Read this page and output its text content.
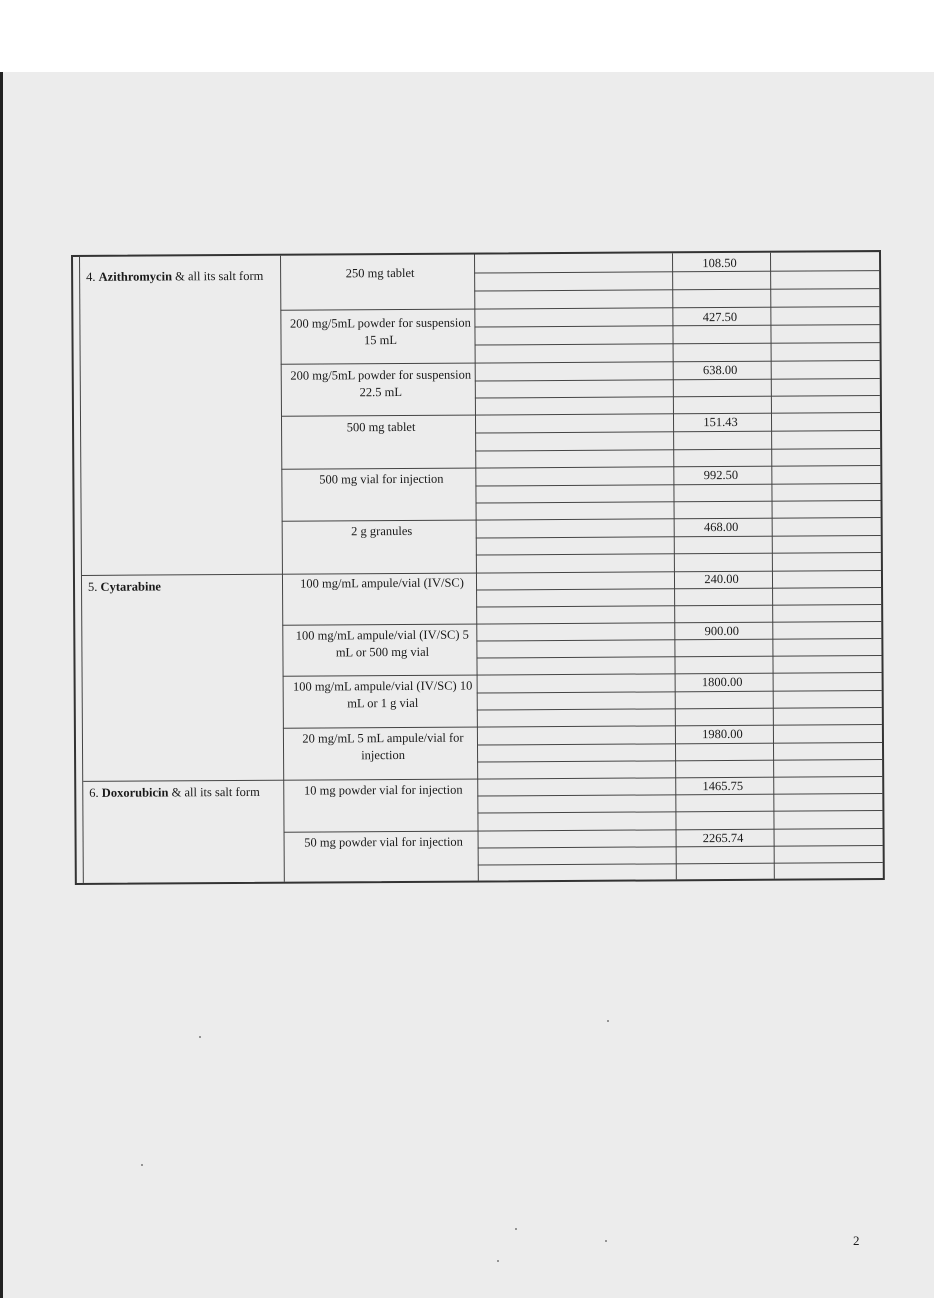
4. Azithromycin & all its salt form
5. Cytarabine
6. Doxorubicin & all its salt form
250 mg tablet
200 mg/5mL powder for suspension 15 mL
200 mg/5mL powder for suspension 22.5 mL
500 mg tablet
500 mg vial for injection
2 g granules
100 mg/mL ampule/vial (IV/SC)
100 mg/mL ampule/vial (IV/SC) 5 mL or 500 mg vial
100 mg/mL ampule/vial (IV/SC) 10 mL or 1 g vial
20 mg/mL 5 mL ampule/vial for injection
10 mg powder vial for injection
50 mg powder vial for injection
108.50
427.50
638.00
151.43
992.50
468.00
240.00
900.00
1800.00
1980.00
1465.75
2265.74
2
